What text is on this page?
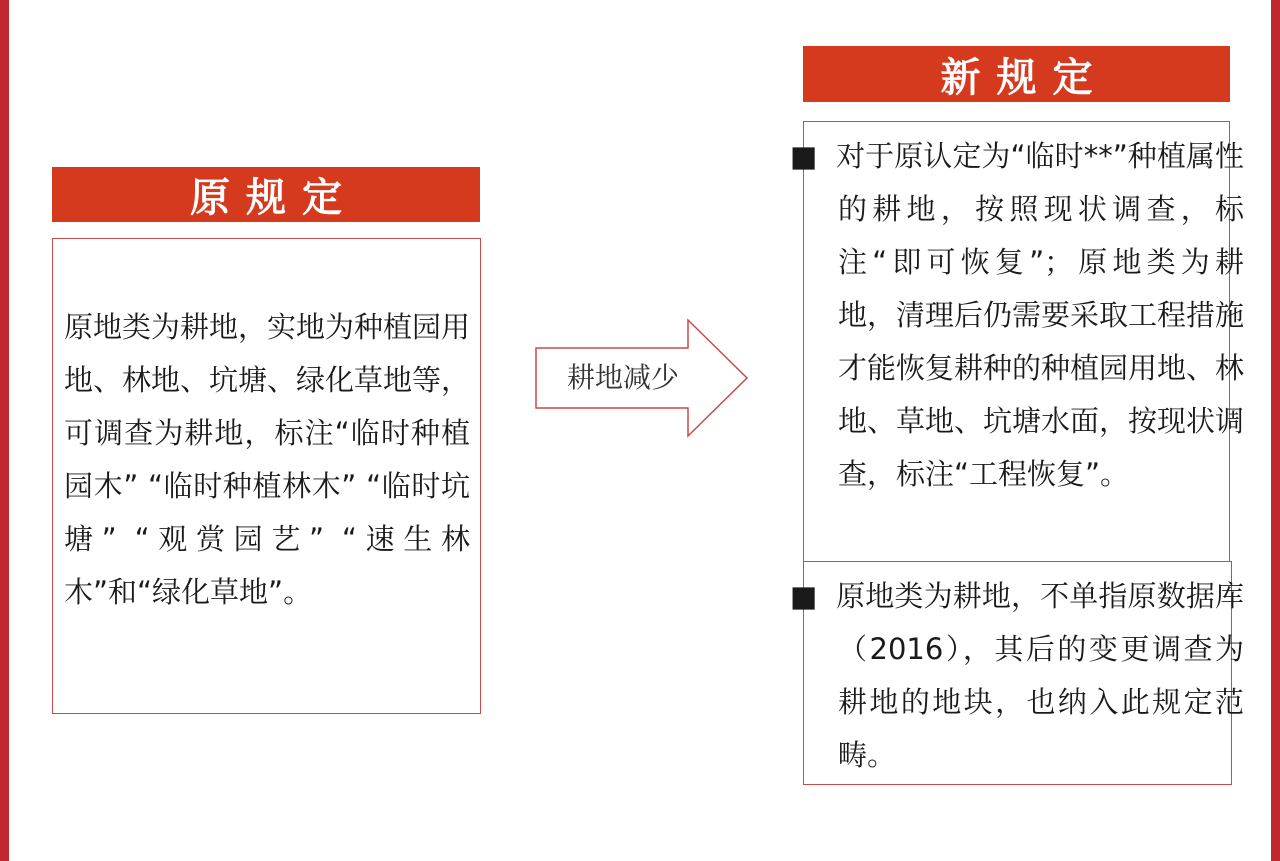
原规定
原地类为耕地，实地为种植园用地、林地、坑塘、绿化草地等，可调查为耕地，标注“临时种植园木” “临时种植林木” “临时坑塘” “观赏园艺” “速生林木”和“绿化草地”。
耕地减少
新规定
■ 对于原认定为“临时**”种植属性的耕地，按照现状调查，标注“即可恢复”；原地类为耕地，清理后仍需要采取工程措施才能恢复耕种的种植园用地、林地、草地、坑塘水面，按现状调查，标注“工程恢复”。
■ 原地类为耕地，不单指原数据库（2016），其后的变更调查为耕地的地块，也纳入此规定范畴。
